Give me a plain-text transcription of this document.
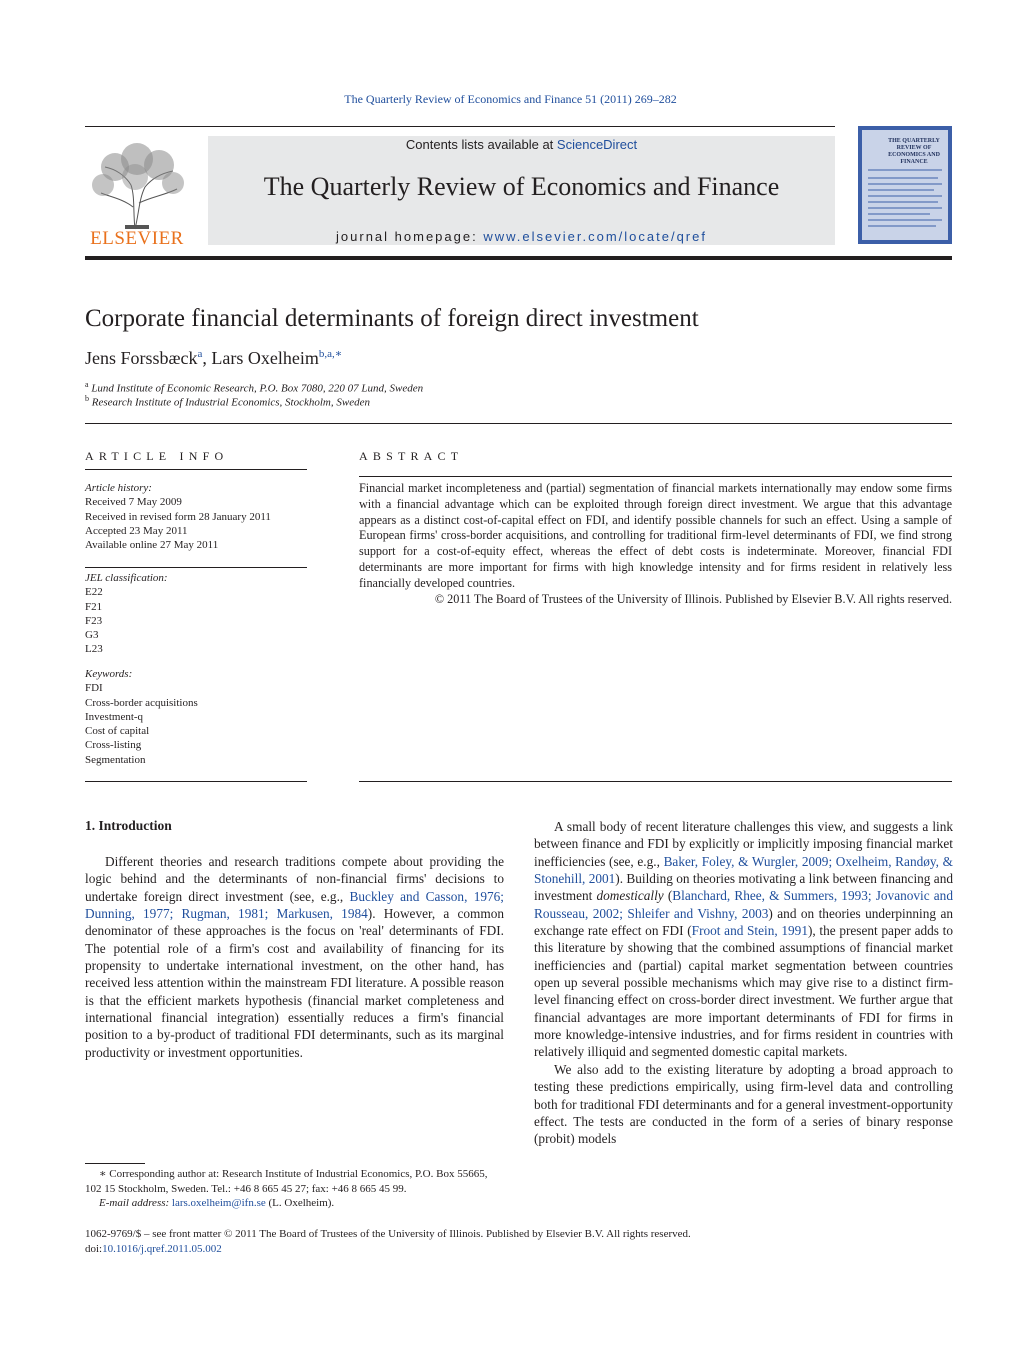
The Quarterly Review of Economics and Finance 51 (2011) 269–282
ELSEVIER
Contents lists available at ScienceDirect
The Quarterly Review of Economics and Finance
journal homepage: www.elsevier.com/locate/qref
THE QUARTERLY REVIEW OF ECONOMICS AND FINANCE
Corporate financial determinants of foreign direct investment
Jens Forssbæck$^a$, Lars Oxelheim$^{b,a,∗}$
$^a$ Lund Institute of Economic Research, P.O. Box 7080, 220 07 Lund, Sweden
$^b$ Research Institute of Industrial Economics, Stockholm, Sweden
ARTICLE INFO	ABSTRACT
Article history:
Received 7 May 2009
Received in revised form 28 January 2011
Accepted 23 May 2011
Available online 27 May 2011
JEL classification:
E22
F21
F23
G3
L23
Keywords:
FDI
Cross-border acquisitions
Investment-q
Cost of capital
Cross-listing
Segmentation
Financial market incompleteness and (partial) segmentation of financial markets internationally may endow some firms with a financial advantage which can be exploited through foreign direct investment. We argue that this advantage appears as a distinct cost-of-capital effect on FDI, and identify possible channels for such an effect. Using a sample of European firms' cross-border acquisitions, and controlling for traditional firm-level determinants of FDI, we find strong support for a cost-of-equity effect, whereas the effect of debt costs is indeterminate. Moreover, financial FDI determinants are more important for firms with high knowledge intensity and for firms resident in relatively less financially developed countries.
© 2011 The Board of Trustees of the University of Illinois. Published by Elsevier B.V. All rights reserved.
1. Introduction

Different theories and research traditions compete about providing the logic behind and the determinants of non-financial firms' decisions to undertake foreign direct investment (see, e.g., Buckley and Casson, 1976; Dunning, 1977; Rugman, 1981; Markusen, 1984). However, a common denominator of these approaches is the focus on 'real' determinants of FDI. The potential role of a firm's cost and availability of financing for its propensity to undertake international investment, on the other hand, has received less attention within the mainstream FDI literature. A possible reason is that the efficient markets hypothesis (financial market completeness and international financial integration) essentially reduces a firm's financial position to a by-product of traditional FDI determinants, such as its marginal productivity or investment opportunities.

A small body of recent literature challenges this view, and suggests a link between finance and FDI by explicitly or implicitly imposing financial market inefficiencies (see, e.g., Baker, Foley, & Wurgler, 2009; Oxelheim, Randøy, & Stonehill, 2001). Building on theories motivating a link between financing and investment domestically (Blanchard, Rhee, & Summers, 1993; Jovanovic and Rousseau, 2002; Shleifer and Vishny, 2003) and on theories underpinning an exchange rate effect on FDI (Froot and Stein, 1991), the present paper adds to this literature by showing that the combined assumptions of financial market inefficiencies and (partial) capital market segmentation between countries open up several possible mechanisms which may give rise to a distinct firm-level financing effect on cross-border direct investment. We further argue that financial advantages are more important determinants of FDI for firms in more knowledge-intensive industries, and for firms resident in countries with relatively illiquid and segmented domestic capital markets.

We also add to the existing literature by adopting a broad approach to testing these predictions empirically, using firm-level data and controlling both for traditional FDI determinants and for a general investment-opportunity effect. The tests are conducted in the form of a series of binary response (probit) models

∗ Corresponding author at: Research Institute of Industrial Economics, P.O. Box 55665, 102 15 Stockholm, Sweden. Tel.: +46 8 665 45 27; fax: +46 8 665 45 99.
E-mail address: lars.oxelheim@ifn.se (L. Oxelheim).
1062-9769/$ – see front matter © 2011 The Board of Trustees of the University of Illinois. Published by Elsevier B.V. All rights reserved.
doi:10.1016/j.qref.2011.05.002
